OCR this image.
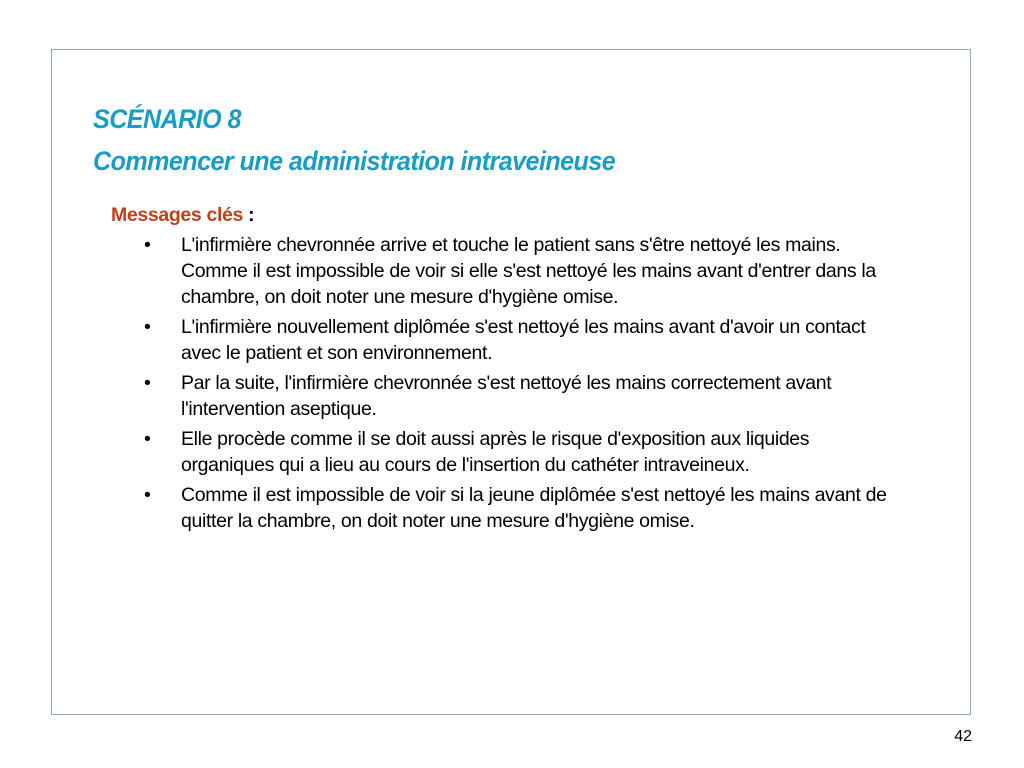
SCÉNARIO 8
Commencer une administration intraveineuse
Messages clés :
• L'infirmière chevronnée arrive et touche le patient sans s'être nettoyé les mains. Comme il est impossible de voir si elle s'est nettoyé les mains avant d'entrer dans la chambre, on doit noter une mesure d'hygiène omise.
• L'infirmière nouvellement diplômée s'est nettoyé les mains avant d'avoir un contact avec le patient et son environnement.
• Par la suite, l'infirmière chevronnée s'est nettoyé les mains correctement avant l'intervention aseptique.
• Elle procède comme il se doit aussi après le risque d'exposition aux liquides organiques qui a lieu au cours de l'insertion du cathéter intraveineux.
• Comme il est impossible de voir si la jeune diplômée s'est nettoyé les mains avant de quitter la chambre, on doit noter une mesure d'hygiène omise.
42
